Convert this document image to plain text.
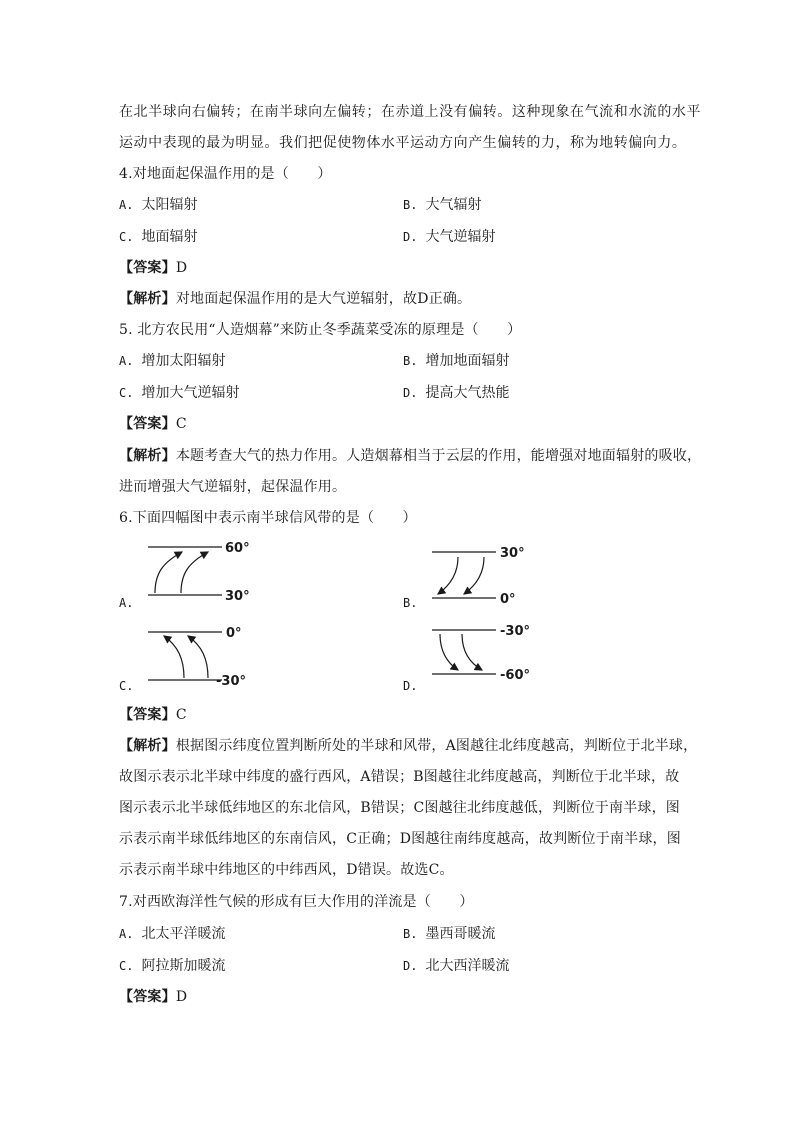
在北半球向右偏转；在南半球向左偏转；在赤道上没有偏转。这种现象在气流和水流的水平
运动中表现的最为明显。我们把促使物体水平运动方向产生偏转的力，称为地转偏向力。
4.对地面起保温作用的是（　　）
A. 太阳辐射	B. 大气辐射
C. 地面辐射	D. 大气逆辐射
【答案】D
【解析】对地面起保温作用的是大气逆辐射，故D正确。
5. 北方农民用“人造烟幕”来防止冬季蔬菜受冻的原理是（　　）
A. 增加太阳辐射	B. 增加地面辐射
C. 增加大气逆辐射	D. 提高大气热能
【答案】C
【解析】本题考查大气的热力作用。人造烟幕相当于云层的作用，能增强对地面辐射的吸收，
进而增强大气逆辐射，起保温作用。
6.下面四幅图中表示南半球信风带的是（　　）
A.
60°
30°	B.
30°
0°
C.
0°
-30°	D.
-30°
-60°
【答案】C
【解析】根据图示纬度位置判断所处的半球和风带，A图越往北纬度越高，判断位于北半球，
故图示表示北半球中纬度的盛行西风，A错误；B图越往北纬度越高，判断位于北半球，故
图示表示北半球低纬地区的东北信风，B错误；C图越往北纬度越低，判断位于南半球，图
示表示南半球低纬地区的东南信风，C正确；D图越往南纬度越高，故判断位于南半球，图
示表示南半球中纬地区的中纬西风，D错误。故选C。
7.对西欧海洋性气候的形成有巨大作用的洋流是（　　）
A. 北太平洋暖流	B. 墨西哥暖流
C. 阿拉斯加暖流	D. 北大西洋暖流
【答案】D
